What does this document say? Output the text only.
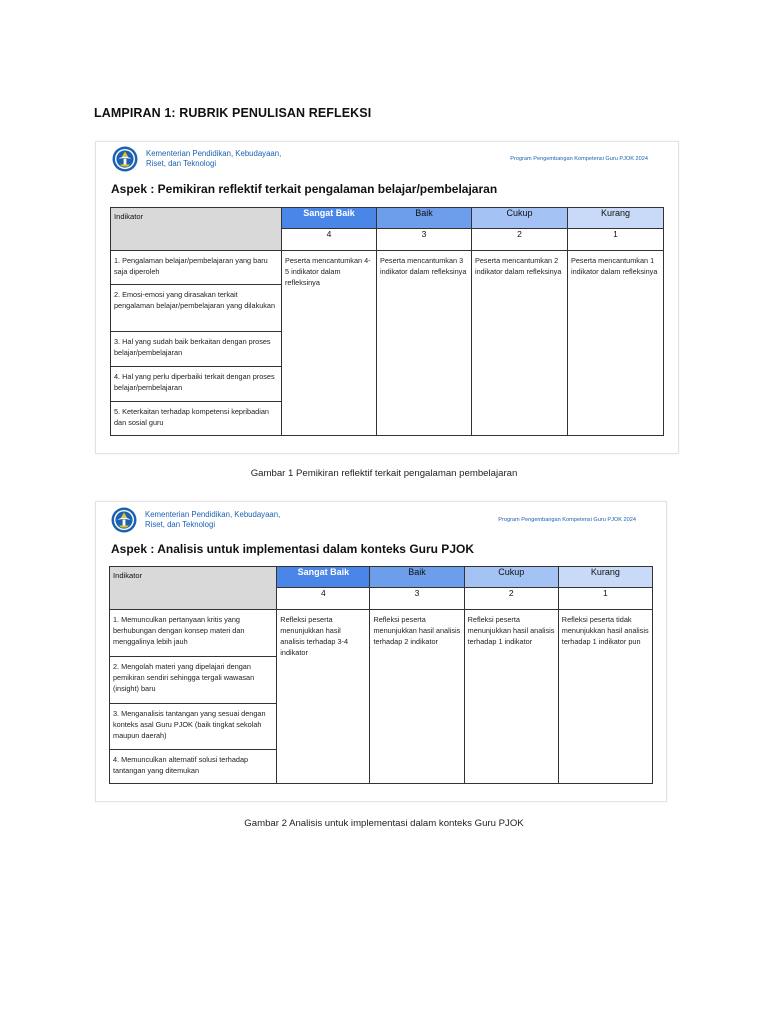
LAMPIRAN 1: RUBRIK PENULISAN REFLEKSI
Kementerian Pendidikan, Kebudayaan,
Riset, dan Teknologi	Program Pengembangan Kompetensi Guru PJOK 2024
Aspek : Pemikiran reflektif terkait pengalaman belajar/pembelajaran
Indikator	Sangat Baik	Baik	Cukup	Kurang
	4	3	2	1
1. Pengalaman belajar/pembelajaran yang baru saja diperoleh	Peserta mencantumkan 4-5 indikator dalam refleksinya	Peserta mencantumkan 3 indikator dalam refleksinya	Peserta mencantumkan 2 indikator dalam refleksinya	Peserta mencantumkan 1 indikator dalam refleksinya
2. Emosi-emosi yang dirasakan terkait pengalaman belajar/pembelajaran yang dilakukan				
3. Hal yang sudah baik berkaitan dengan proses belajar/pembelajaran				
4. Hal yang perlu diperbaiki terkait dengan proses belajar/pembelajaran				
5. Keterkaitan terhadap kompetensi kepribadian dan sosial guru				

Gambar 1 Pemikiran reflektif terkait pengalaman pembelajaran

Kementerian Pendidikan, Kebudayaan,
Riset, dan Teknologi	Program Pengembangan Kompetensi Guru PJOK 2024
Aspek : Analisis untuk implementasi dalam konteks Guru PJOK
Indikator	Sangat Baik	Baik	Cukup	Kurang
	4	3	2	1
1. Memunculkan pertanyaan kritis yang berhubungan dengan konsep materi dan menggalinya lebih jauh	Refleksi peserta menunjukkan hasil analisis terhadap 3-4 indikator	Refleksi peserta menunjukkan hasil analisis terhadap 2 indikator	Refleksi peserta menunjukkan hasil analisis terhadap 1 indikator	Refleksi peserta tidak menunjukkan hasil analisis terhadap 1 indikator pun
2. Mengolah materi yang dipelajari dengan pemikiran sendiri sehingga tergali wawasan (insight) baru				
3. Menganalisis tantangan yang sesuai dengan konteks asal Guru PJOK (baik tingkat sekolah maupun daerah)				
4. Memunculkan alternatif solusi terhadap tantangan yang ditemukan				

Gambar 2 Analisis untuk implementasi dalam konteks Guru PJOK
